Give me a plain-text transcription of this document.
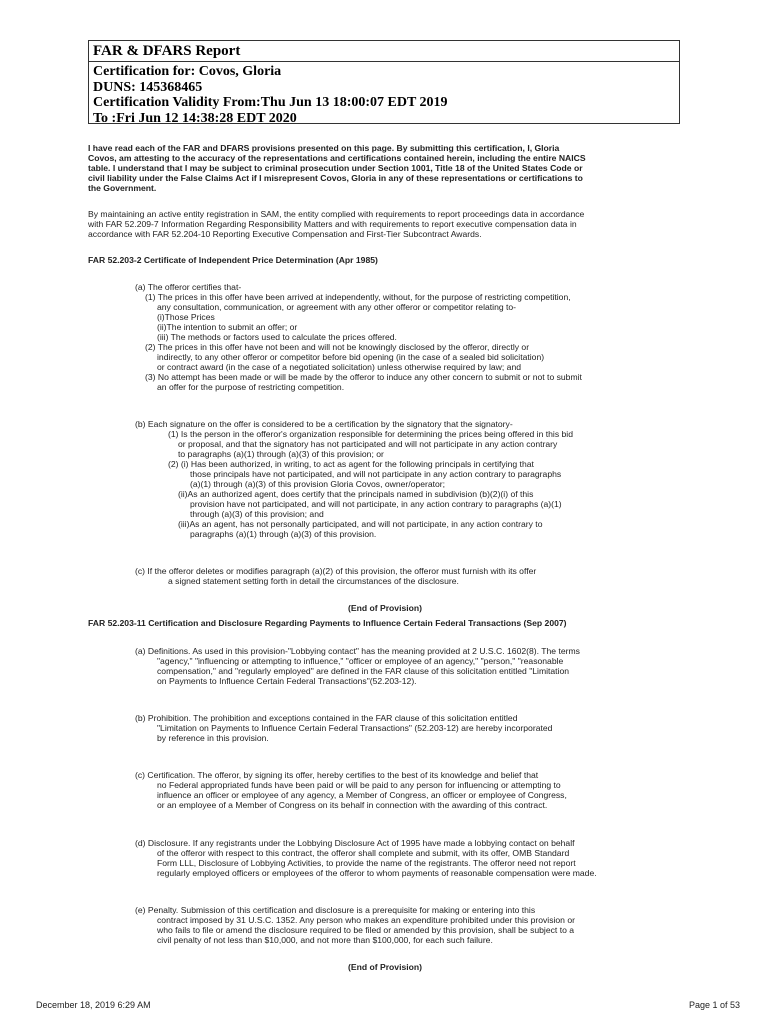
FAR & DFARS Report
Certification for: Covos, Gloria
DUNS: 145368465
Certification Validity From:Thu Jun 13 18:00:07 EDT 2019
To :Fri Jun 12 14:38:28 EDT 2020
I have read each of the FAR and DFARS provisions presented on this page. By submitting this certification, I, Gloria
Covos, am attesting to the accuracy of the representations and certifications contained herein, including the entire NAICS
table. I understand that I may be subject to criminal prosecution under Section 1001, Title 18 of the United States Code or
civil liability under the False Claims Act if I misrepresent Covos, Gloria in any of these representations or certifications to
the Government.
By maintaining an active entity registration in SAM, the entity complied with requirements to report proceedings data in accordance
with FAR 52.209-7 Information Regarding Responsibility Matters and with requirements to report executive compensation data in
accordance with FAR 52.204-10 Reporting Executive Compensation and First-Tier Subcontract Awards.
FAR 52.203-2 Certificate of Independent Price Determination (Apr 1985)
(a) The offeror certifies that-
(1) The prices in this offer have been arrived at independently, without, for the purpose of restricting competition,
any consultation, communication, or agreement with any other offeror or competitor relating to-
(i)Those Prices
(ii)The intention to submit an offer; or
(iii) The methods or factors used to calculate the prices offered.
(2) The prices in this offer have not been and will not be knowingly disclosed by the offeror, directly or
indirectly, to any other offeror or competitor before bid opening (in the case of a sealed bid solicitation)
or contract award (in the case of a negotiated solicitation) unless otherwise required by law; and
(3) No attempt has been made or will be made by the offeror to induce any other concern to submit or not to submit
an offer for the purpose of restricting competition.
(b) Each signature on the offer is considered to be a certification by the signatory that the signatory-
(1) Is the person in the offeror's organization responsible for determining the prices being offered in this bid
or proposal, and that the signatory has not participated and will not participate in any action contrary
to paragraphs (a)(1) through (a)(3) of this provision; or
(2) (i) Has been authorized, in writing, to act as agent for the following principals in certifying that
those principals have not participated, and will not participate in any action contrary to paragraphs
(a)(1) through (a)(3) of this provision Gloria Covos, owner/operator;
(ii)As an authorized agent, does certify that the principals named in subdivision (b)(2)(i) of this
provision have not participated, and will not participate, in any action contrary to paragraphs (a)(1)
through (a)(3) of this provision; and
(iii)As an agent, has not personally participated, and will not participate, in any action contrary to
paragraphs (a)(1) through (a)(3) of this provision.
(c) If the offeror deletes or modifies paragraph (a)(2) of this provision, the offeror must furnish with its offer
a signed statement setting forth in detail the circumstances of the disclosure.
(End of Provision)
FAR 52.203-11 Certification and Disclosure Regarding Payments to Influence Certain Federal Transactions (Sep 2007)
(a) Definitions. As used in this provision-"Lobbying contact" has the meaning provided at 2 U.S.C. 1602(8). The terms
"agency," "influencing or attempting to influence," "officer or employee of an agency," "person," "reasonable
compensation," and "regularly employed" are defined in the FAR clause of this solicitation entitled "Limitation
on Payments to Influence Certain Federal Transactions"(52.203-12).
(b) Prohibition. The prohibition and exceptions contained in the FAR clause of this solicitation entitled
"Limitation on Payments to Influence Certain Federal Transactions" (52.203-12) are hereby incorporated
by reference in this provision.
(c) Certification. The offeror, by signing its offer, hereby certifies to the best of its knowledge and belief that
no Federal appropriated funds have been paid or will be paid to any person for influencing or attempting to
influence an officer or employee of any agency, a Member of Congress, an officer or employee of Congress,
or an employee of a Member of Congress on its behalf in connection with the awarding of this contract.
(d) Disclosure. If any registrants under the Lobbying Disclosure Act of 1995 have made a lobbying contact on behalf
of the offeror with respect to this contract, the offeror shall complete and submit, with its offer, OMB Standard
Form LLL, Disclosure of Lobbying Activities, to provide the name of the registrants. The offeror need not report
regularly employed officers or employees of the offeror to whom payments of reasonable compensation were made.
(e) Penalty. Submission of this certification and disclosure is a prerequisite for making or entering into this
contract imposed by 31 U.S.C. 1352. Any person who makes an expenditure prohibited under this provision or
who fails to file or amend the disclosure required to be filed or amended by this provision, shall be subject to a
civil penalty of not less than $10,000, and not more than $100,000, for each such failure.
(End of Provision)
December 18, 2019 6:29 AM	Page 1 of 53
